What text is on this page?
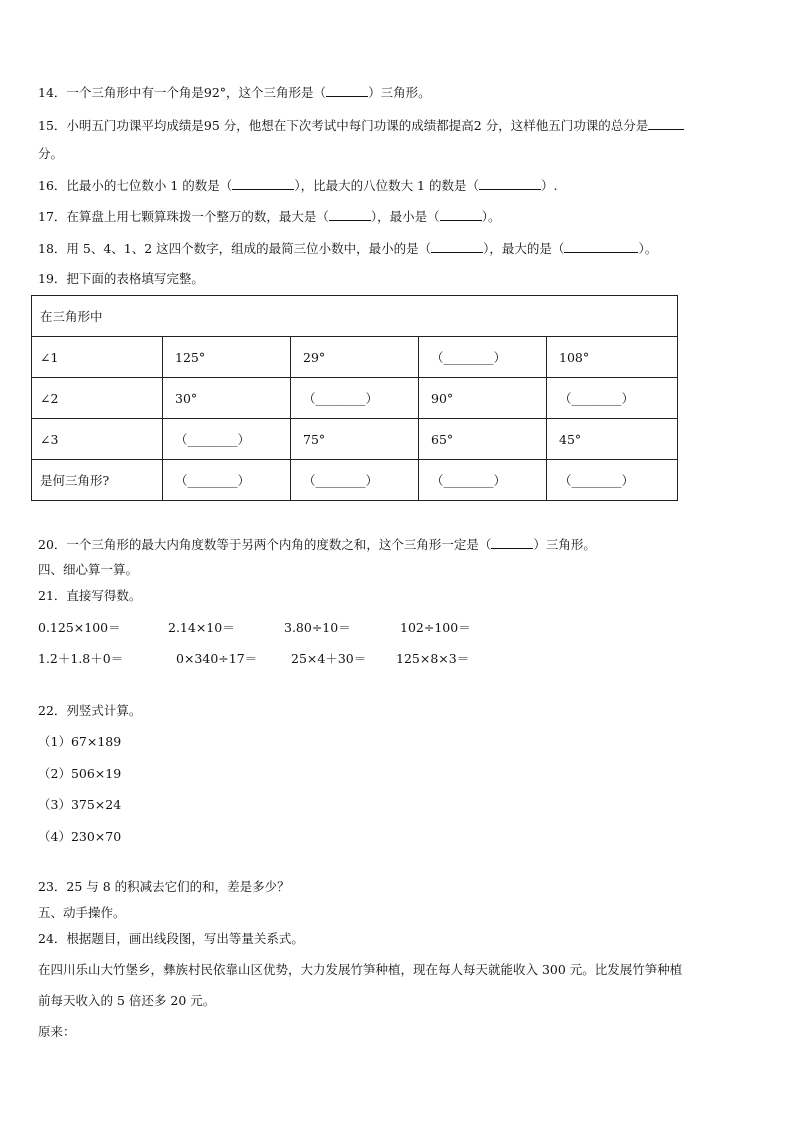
14．一个三角形中有一个角是92°，这个三角形是（	）三角形。
15．小明五门功课平均成绩是95 分，他想在下次考试中每门功课的成绩都提高2 分，这样他五门功课的总分是
分。
16．比最小的七位数小 1 的数是（	），比最大的八位数大 1 的数是（	）.
17．在算盘上用七颗算珠拨一个整万的数，最大是（	），最小是（	）。
18．用 5、4、1、2 这四个数字，组成的最简三位小数中，最小的是（	），最大的是（	）。
19．把下面的表格填写完整。
在三角形中				
∠1	125°	29°	（________）	108°
∠2	30°	（________）	90°	（________）
∠3	（________）	75°	65°	45°
是何三角形?	（________）	（________）	（________）	（________）
20．一个三角形的最大内角度数等于另两个内角的度数之和，这个三角形一定是（	）三角形。
四、细心算一算。
21．直接写得数。
0.125×100＝	2.14×10＝	3.80÷10＝	102÷100＝
1.2＋1.8＋0＝	0×340÷17＝	25×4＋30＝ 125×8×3＝
22．列竖式计算。
（1）67×189
（2）506×19
（3）375×24
（4）230×70
23．25 与 8 的积减去它们的和，差是多少？
五、动手操作。
24．根据题目，画出线段图，写出等量关系式。
在四川乐山大竹堡乡，彝族村民依靠山区优势，大力发展竹笋种植，现在每人每天就能收入 300 元。比发展竹笋种植
前每天收入的 5 倍还多 20 元。
原来：
